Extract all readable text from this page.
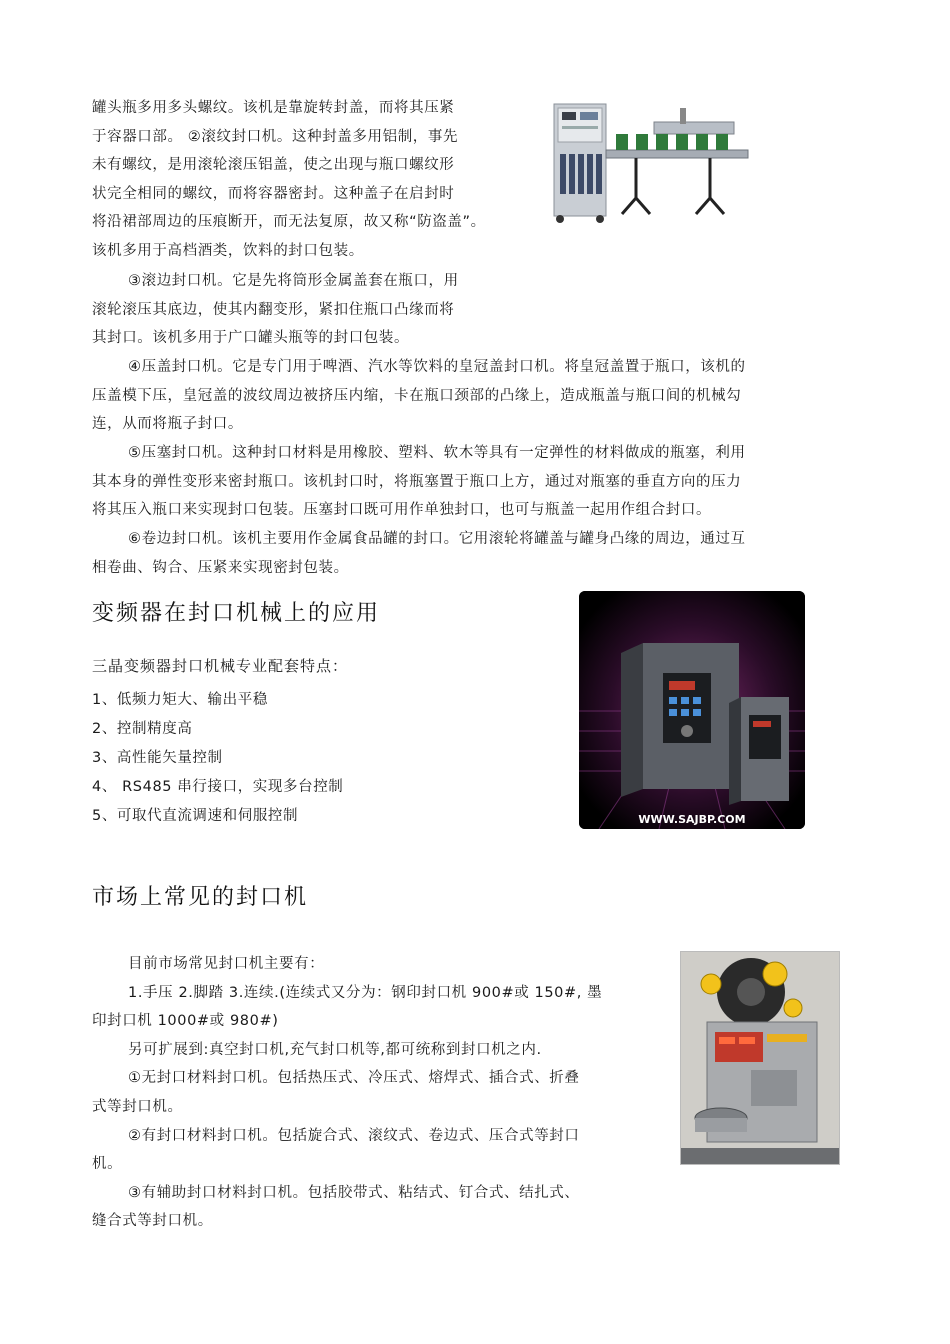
罐头瓶多用多头螺纹。该机是靠旋转封盖，而将其压紧
于容器口部。 ②滚纹封口机。这种封盖多用铝制，事先
未有螺纹，是用滚轮滚压铝盖，使之出现与瓶口螺纹形
状完全相同的螺纹，而将容器密封。这种盖子在启封时
将沿裙部周边的压痕断开，而无法复原，故又称“防盗盖”。
该机多用于高档酒类，饮料的封口包装。
③滚边封口机。它是先将筒形金属盖套在瓶口，用
滚轮滚压其底边，使其内翻变形，紧扣住瓶口凸缘而将
其封口。该机多用于广口罐头瓶等的封口包装。
④压盖封口机。它是专门用于啤酒、汽水等饮料的皇冠盖封口机。将皇冠盖置于瓶口，该机的
压盖模下压，皇冠盖的波纹周边被挤压内缩，卡在瓶口颈部的凸缘上，造成瓶盖与瓶口间的机械勾
连，从而将瓶子封口。
⑤压塞封口机。这种封口材料是用橡胶、塑料、软木等具有一定弹性的材料做成的瓶塞，利用
其本身的弹性变形来密封瓶口。该机封口时，将瓶塞置于瓶口上方，通过对瓶塞的垂直方向的压力
将其压入瓶口来实现封口包装。压塞封口既可用作单独封口，也可与瓶盖一起用作组合封口。
⑥卷边封口机。该机主要用作金属食品罐的封口。它用滚轮将罐盖与罐身凸缘的周边，通过互
相卷曲、钩合、压紧来实现密封包装。
变频器在封口机械上的应用
三晶变频器封口机械专业配套特点：
1、低频力矩大、输出平稳
2、控制精度高
3、高性能矢量控制
4、 RS485 串行接口，实现多台控制
5、可取代直流调速和伺服控制	WWW.SAJBP.COM
市场上常见的封口机
目前市场常见封口机主要有：
1.手压 2.脚踏 3.连续.(连续式又分为：钢印封口机 900#或 150#, 墨
印封口机 1000#或 980#)
另可扩展到:真空封口机,充气封口机等,都可统称到封口机之内.
①无封口材料封口机。包括热压式、冷压式、熔焊式、插合式、折叠
式等封口机。
②有封口材料封口机。包括旋合式、滚纹式、卷边式、压合式等封口
机。
③有辅助封口材料封口机。包括胶带式、粘结式、钉合式、结扎式、
缝合式等封口机。
